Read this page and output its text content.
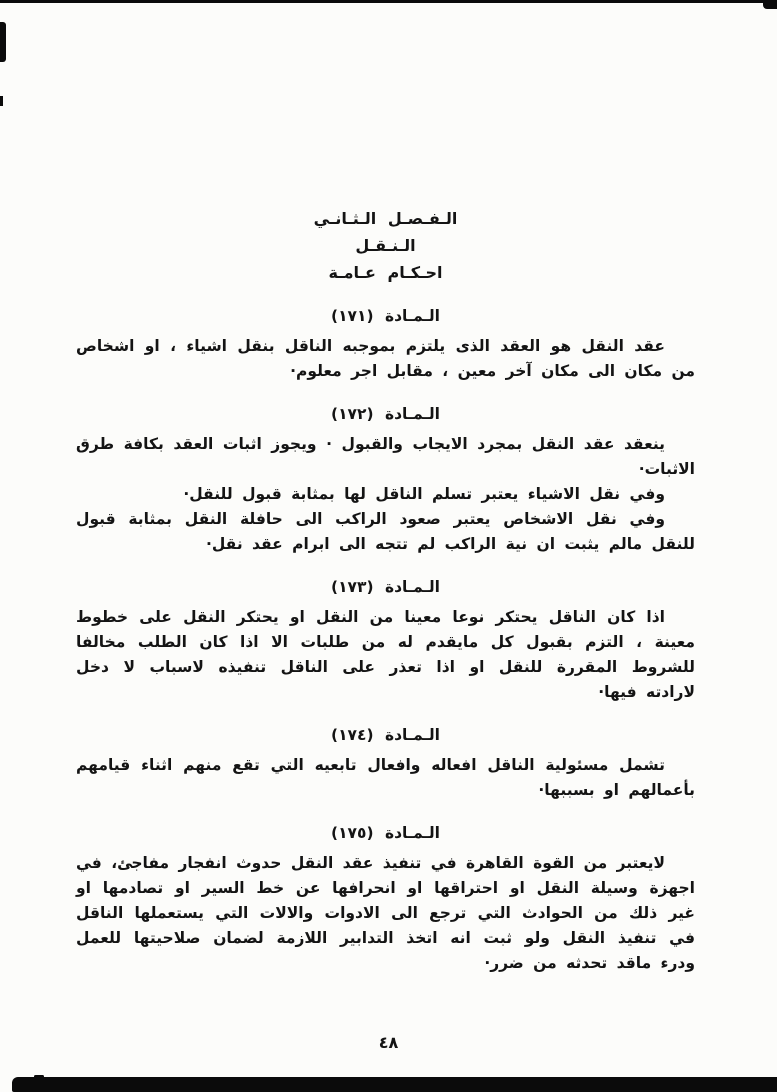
الـفـصـل الـثـانـي
الـنـقـل
احـكـام عـامـة
الـمـادة (١٧١)

عقد النقل هو العقد الذى يلتزم بموجبه الناقل بنقل اشياء ، او اشخاص من مكان الى مكان آخر معين ، مقابل اجر معلوم·

الـمـادة (١٧٢)

ينعقد عقد النقل بمجرد الايجاب والقبول · ويجوز اثبات العقد بكافة طرق الاثبات·

وفي نقل الاشياء يعتبر تسلم الناقل لها بمثابة قبول للنقل·

وفي نقل الاشخاص يعتبر صعود الراكب الى حافلة النقل بمثابة قبول للنقل مالم يثبت ان نية الراكب لم تتجه الى ابرام عقد نقل·

الـمـادة (١٧٣)

اذا كان الناقل يحتكر نوعا معينا من النقل او يحتكر النقل على خطوط معينة ، التزم بقبول كل مايقدم له من طلبات الا اذا كان الطلب مخالفا للشروط المقررة للنقل او اذا تعذر على الناقل تنفيذه لاسباب لا دخل لارادته فيها·

الـمـادة (١٧٤)

تشمل مسئولية الناقل افعاله وافعال تابعيه التي تقع منهم اثناء قيامهم بأعمالهم او بسببها·

الـمـادة (١٧٥)

لايعتبر من القوة القاهرة في تنفيذ عقد النقل حدوث انفجار مفاجئ، في اجهزة وسيلة النقل او احتراقها او انحرافها عن خط السير او تصادمها او غير ذلك من الحوادث التي ترجع الى الادوات والالات التي يستعملها الناقل في تنفيذ النقل ولو ثبت انه اتخذ التدابير اللازمة لضمان صلاحيتها للعمل ودرء ماقد تحدثه من ضرر·

٤٨
